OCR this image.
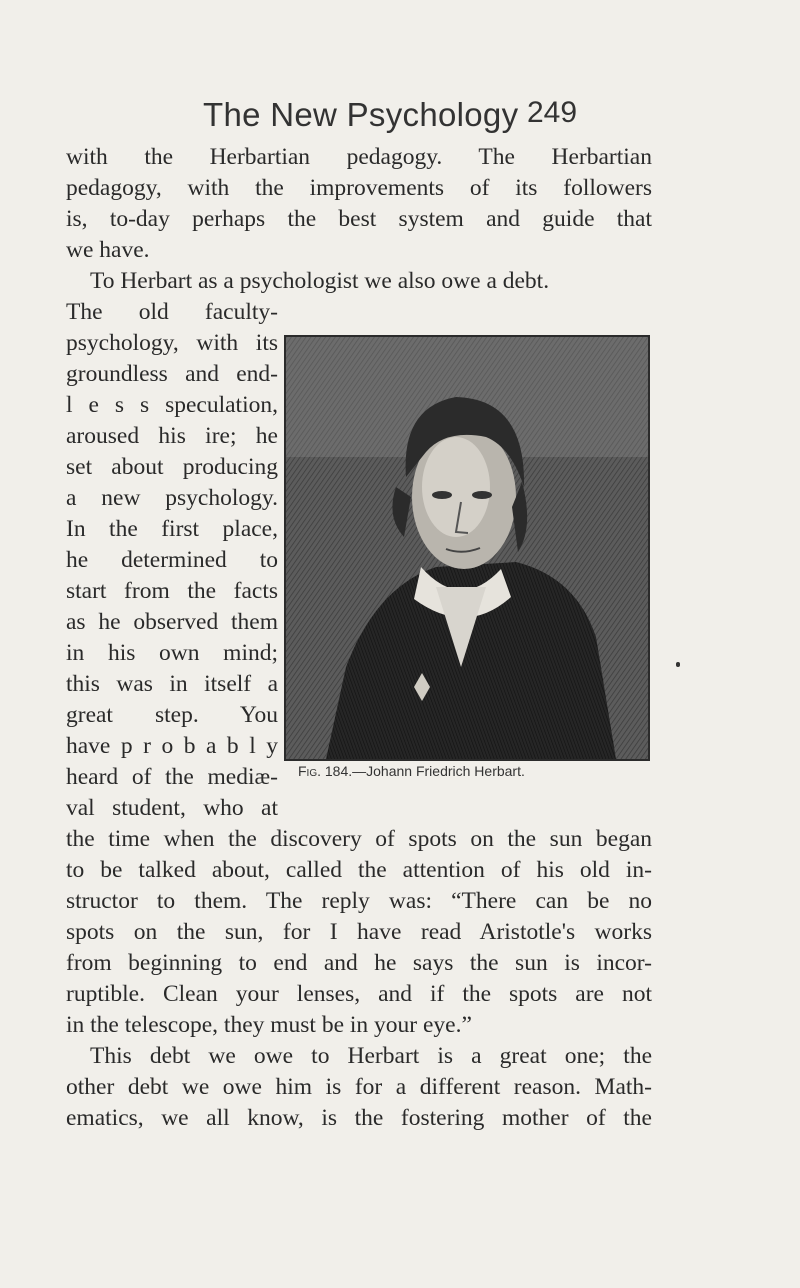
The New Psychology 249
with the Herbartian pedagogy. The Herbartian
pedagogy, with the improvements of its followers
is, to-day perhaps the best system and guide that
we have.
To Herbart as a psychologist we also owe a debt.
The old faculty-
psychology, with its
groundless and end-
l e s s speculation,
aroused his ire; he
set about producing
a new psychology.
In the first place,
he determined to
start from the facts
as he observed them
in his own mind;
this was in itself a
great step. You
have p r o b a b l y
heard of the mediæ-
val student, who at
Fig. 184.—Johann Friedrich Herbart.
the time when the discovery of spots on the sun began
to be talked about, called the attention of his old in-
structor to them. The reply was: “There can be no
spots on the sun, for I have read Aristotle's works
from beginning to end and he says the sun is incor-
ruptible. Clean your lenses, and if the spots are not
in the telescope, they must be in your eye.”
This debt we owe to Herbart is a great one; the
other debt we owe him is for a different reason. Math-
ematics, we all know, is the fostering mother of the
